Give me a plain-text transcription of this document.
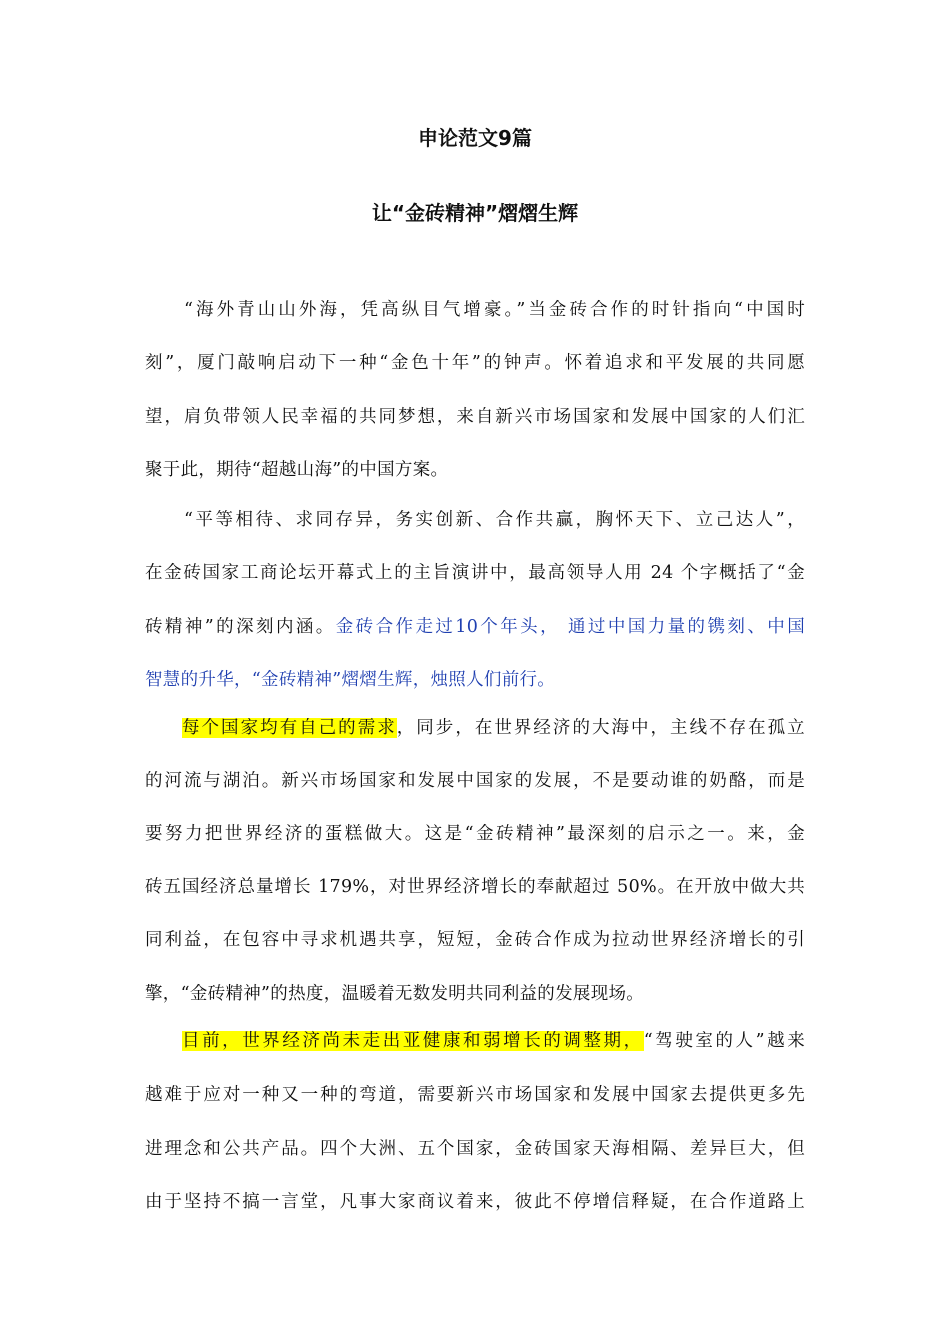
申论范文9篇
让“金砖精神”熠熠生辉
“海外青山山外海，凭高纵目气增豪。”当金砖合作的时针指向“中国时
刻”，厦门敲响启动下一种“金色十年”的钟声。怀着追求和平发展的共同愿
望，肩负带领人民幸福的共同梦想，来自新兴市场国家和发展中国家的人们汇
聚于此，期待“超越山海”的中国方案。
“平等相待、求同存异，务实创新、合作共赢，胸怀天下、立己达人”，
在金砖国家工商论坛开幕式上的主旨演讲中，最高领导人用 24 个字概括了“金
砖精神”的深刻内涵。金砖合作走过10个年头， 通过中国力量的镌刻、中国
智慧的升华，“金砖精神”熠熠生辉，烛照人们前行。
每个国家均有自己的需求，同步，在世界经济的大海中，主线不存在孤立
的河流与湖泊。新兴市场国家和发展中国家的发展，不是要动谁的奶酪，而是
要努力把世界经济的蛋糕做大。这是“金砖精神”最深刻的启示之一。来，金
砖五国经济总量增长 179%，对世界经济增长的奉献超过 50%。在开放中做大共
同利益，在包容中寻求机遇共享，短短，金砖合作成为拉动世界经济增长的引
擎，“金砖精神”的热度，温暖着无数发明共同利益的发展现场。
目前，世界经济尚未走出亚健康和弱增长的调整期，“驾驶室的人”越来
越难于应对一种又一种的弯道，需要新兴市场国家和发展中国家去提供更多先
进理念和公共产品。四个大洲、五个国家，金砖国家天海相隔、差异巨大，但
由于坚持不搞一言堂，凡事大家商议着来，彼此不停增信释疑，在合作道路上
